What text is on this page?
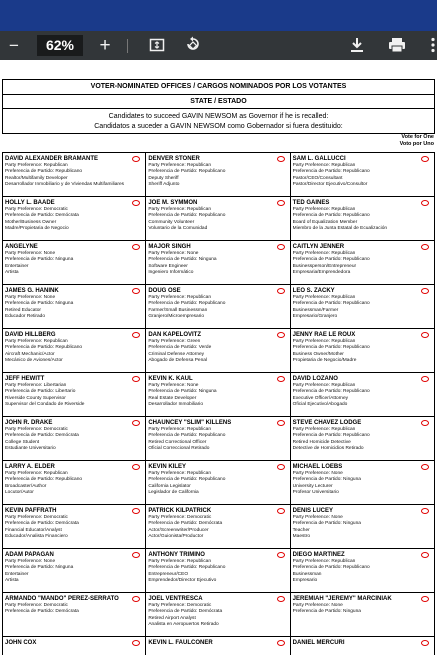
−	62%	+
VOTER-NOMINATED OFFICES / CARGOS NOMINADOS POR LOS VOTANTES
STATE / ESTADO
Candidates to succeed GAVIN NEWSOM as Governor if he is recalled:
Candidatos a suceder a GAVIN NEWSOM como Gobernador si fuera destituido:
Vote for One
Voto por Uno
DAVID ALEXANDER BRAMANTE
Party Preference: Republican
Preferencia de Partido: Republicano
Realtor/Multifamily Developer
Desarrollador Inmobiliario y de Viviendas Multifamiliares
DENVER STONER
Party Preference: Republican
Preferencia de Partido: Republicano
Deputy Sheriff
Sheriff Adjunto
SAM L. GALLUCCI
Party Preference: Republican
Preferencia de Partido: Republicano
Pastor/CEO/Consultant
Pastor/Director Ejecutivo/Consultor
HOLLY L. BAADE
Party Preference: Democratic
Preferencia de Partido: Demócrata
Mother/Business Owner
Madre/Propietaria de Negocio
JOE M. SYMMON
Party Preference: Republican
Preferencia de Partido: Republicano
Community Volunteer
Voluntario de la Comunidad
TED GAINES
Party Preference: Republican
Preferencia de Partido: Republicano
Board of Equalization Member
Miembro de la Junta Estatal de Ecualización
ANGELYNE
Party Preference: None
Preferencia de Partido: Ninguna
Entertainer
Artista
MAJOR SINGH
Party Preference: None
Preferencia de Partido: Ninguna
Software Engineer
Ingeniero Informático
CAITLYN JENNER
Party Preference: Republican
Preferencia de Partido: Republicano
Businessperson/Entrepreneur
Empresaria/Emprendedora
JAMES G. HANINK
Party Preference: None
Preferencia de Partido: Ninguna
Retired Educator
Educador Retirado
DOUG OSE
Party Preference: Republican
Preferencia de Partido: Republicano
Farmer/Small Businessman
Granjero/Microempresario
LEO S. ZACKY
Party Preference: Republican
Preferencia de Partido: Republicano
Businessman/Farmer
Empresario/Granjero
DAVID HILLBERG
Party Preference: Republican
Preferencia de Partido: Republicano
Aircraft Mechanic/Actor
Mecánico de Aviones/Actor
DAN KAPELOVITZ
Party Preference: Green
Preferencia de Partido: Verde
Criminal Defense Attorney
Abogado de Defensa Penal
JENNY RAE LE ROUX
Party Preference: Republican
Preferencia de Partido: Republicano
Business Owner/Mother
Propietaria de Negocio/Madre
JEFF HEWITT
Party Preference: Libertarian
Preferencia de Partido: Libertario
Riverside County Supervisor
Supervisor del Condado de Riverside
KEVIN K. KAUL
Party Preference: None
Preferencia de Partido: Ninguna
Real Estate Developer
Desarrollador Inmobiliario
DAVID LOZANO
Party Preference: Republican
Preferencia de Partido: Republicano
Executive Officer/Attorney
Oficial Ejecutivo/Abogado
JOHN R. DRAKE
Party Preference: Democratic
Preferencia de Partido: Demócrata
College Student
Estudiante Universitario
CHAUNCEY "SLIM" KILLENS
Party Preference: Republican
Preferencia de Partido: Republicano
Retired Correctional Officer
Oficial Correccional Retirado
STEVE CHAVEZ LODGE
Party Preference: Republican
Preferencia de Partido: Republicano
Retired Homicide Detective
Detective de Homicidios Retirado
LARRY A. ELDER
Party Preference: Republican
Preferencia de Partido: Republicano
Broadcaster/Author
Locutor/Autor
KEVIN KILEY
Party Preference: Republican
Preferencia de Partido: Republicano
California Legislator
Legislador de California
MICHAEL LOEBS
Party Preference: None
Preferencia de Partido: Ninguna
University Lecturer
Profesor Universitario
KEVIN PAFFRATH
Party Preference: Democratic
Preferencia de Partido: Demócrata
Financial Educator/Analyst
Educador/Analista Financiero
PATRICK KILPATRICK
Party Preference: Democratic
Preferencia de Partido: Demócrata
Actor/Screenwriter/Producer
Actor/Guionista/Productor
DENIS LUCEY
Party Preference: None
Preferencia de Partido: Ninguna
Teacher
Maestro
ADAM PAPAGAN
Party Preference: None
Preferencia de Partido: Ninguna
Entertainer
Artista
ANTHONY TRIMINO
Party Preference: Republican
Preferencia de Partido: Republicano
Entrepreneur/CEO
Emprendedor/Director Ejecutivo
DIEGO MARTINEZ
Party Preference: Republican
Preferencia de Partido: Republicano
Businessman
Empresario
ARMANDO "MANDO" PEREZ-SERRATO
Party Preference: Democratic
Preferencia de Partido: Demócrata
JOEL VENTRESCA
Party Preference: Democratic
Preferencia de Partido: Demócrata
Retired Airport Analyst
Analista en Aeropuertos Retirado
JEREMIAH "JEREMY" MARCINIAK
Party Preference: None
Preferencia de Partido: Ninguna
JOHN COX	KEVIN L. FAULCONER	DANIEL MERCURI
